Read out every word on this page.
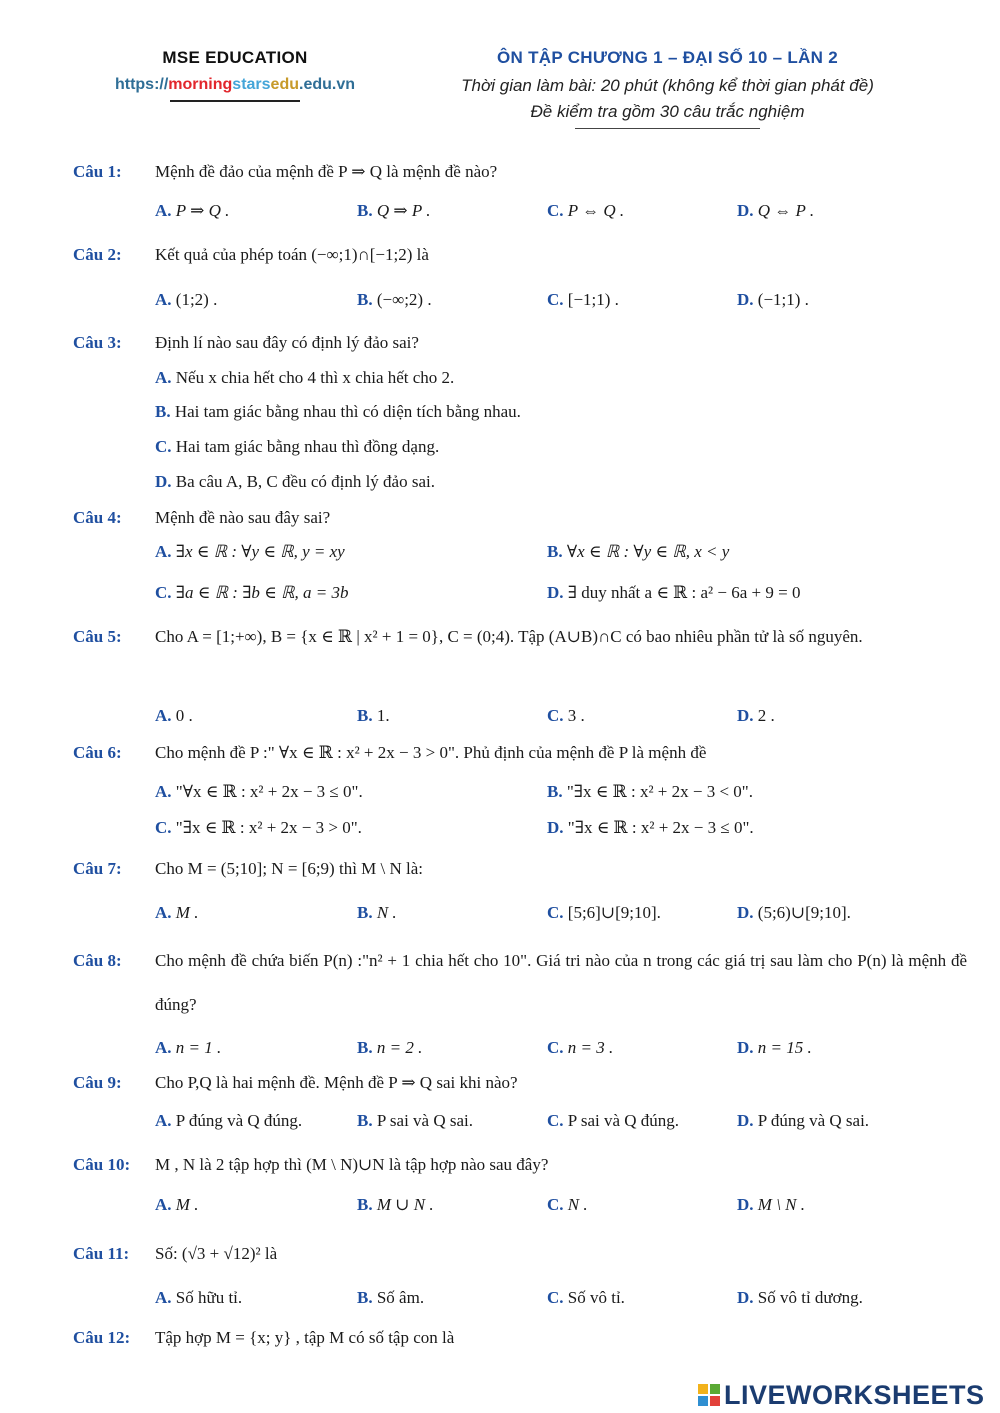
MSE EDUCATION
https://morningstarsedu.edu.vn
ÔN TẬP CHƯƠNG 1 – ĐẠI SỐ 10 – LẦN 2
Thời gian làm bài: 20 phút (không kể thời gian phát đề)
Đề kiểm tra gồm 30 câu trắc nghiệm
Câu 1: Mệnh đề đảo của mệnh đề P ⇒ Q là mệnh đề nào?
A. P ⇒ Q .	B. Q ⇒ P .	C. P ⇔ Q .	D. Q ⇔ P .
Câu 2: Kết quả của phép toán (−∞;1)∩[−1;2) là
A. (1;2) .	B. (−∞;2) .	C. [−1;1) .	D. (−1;1) .
Câu 3: Định lí nào sau đây có định lý đảo sai?
A. Nếu x chia hết cho 4 thì x chia hết cho 2.
B. Hai tam giác bằng nhau thì có diện tích bằng nhau.
C. Hai tam giác bằng nhau thì đồng dạng.
D. Ba câu A, B, C đều có định lý đảo sai.
Câu 4: Mệnh đề nào sau đây sai?
A. ∃x ∈ ℝ : ∀y ∈ ℝ, y = xy	B. ∀x ∈ ℝ : ∀y ∈ ℝ, x < y
C. ∃a ∈ ℝ : ∃b ∈ ℝ, a = 3b	D. ∃ duy nhất a ∈ ℝ : a² − 6a + 9 = 0
Câu 5: Cho A = [1;+∞), B = {x ∈ ℝ | x² + 1 = 0}, C = (0;4). Tập (A∪B)∩C có bao nhiêu phần tử là số nguyên.
A. 0 .	B. 1.	C. 3 .	D. 2 .
Câu 6: Cho mệnh đề P :" ∀x ∈ ℝ : x² + 2x − 3 > 0". Phủ định của mệnh đề P là mệnh đề
A. "∀x ∈ ℝ : x² + 2x − 3 ≤ 0".	B. "∃x ∈ ℝ : x² + 2x − 3 < 0".
C. "∃x ∈ ℝ : x² + 2x − 3 > 0".	D. "∃x ∈ ℝ : x² + 2x − 3 ≤ 0".
Câu 7: Cho M = (5;10]; N = [6;9) thì M \ N là:
A. M .	B. N .	C. [5;6]∪[9;10].	D. (5;6)∪[9;10].
Câu 8: Cho mệnh đề chứa biến P(n) :"n² + 1 chia hết cho 10". Giá tri nào của n trong các giá trị sau làm cho P(n) là mệnh đề đúng?
A. n = 1 .	B. n = 2 .	C. n = 3 .	D. n = 15 .
Câu 9: Cho P,Q là hai mệnh đề. Mệnh đề P ⇒ Q sai khi nào?
A. P đúng và Q đúng.	B. P sai và Q sai.	C. P sai và Q đúng.	D. P đúng và Q sai.
Câu 10: M , N là 2 tập hợp thì (M \ N)∪N là tập hợp nào sau đây?
A. M .	B. M ∪ N .	C. N .	D. M \ N .
Câu 11: Số: (√3 + √12)² là
A. Số hữu tỉ.	B. Số âm.	C. Số vô tỉ.	D. Số vô tỉ dương.
Câu 12: Tập hợp M = {x; y} , tập M có số tập con là
LIVEWORKSHEETS
